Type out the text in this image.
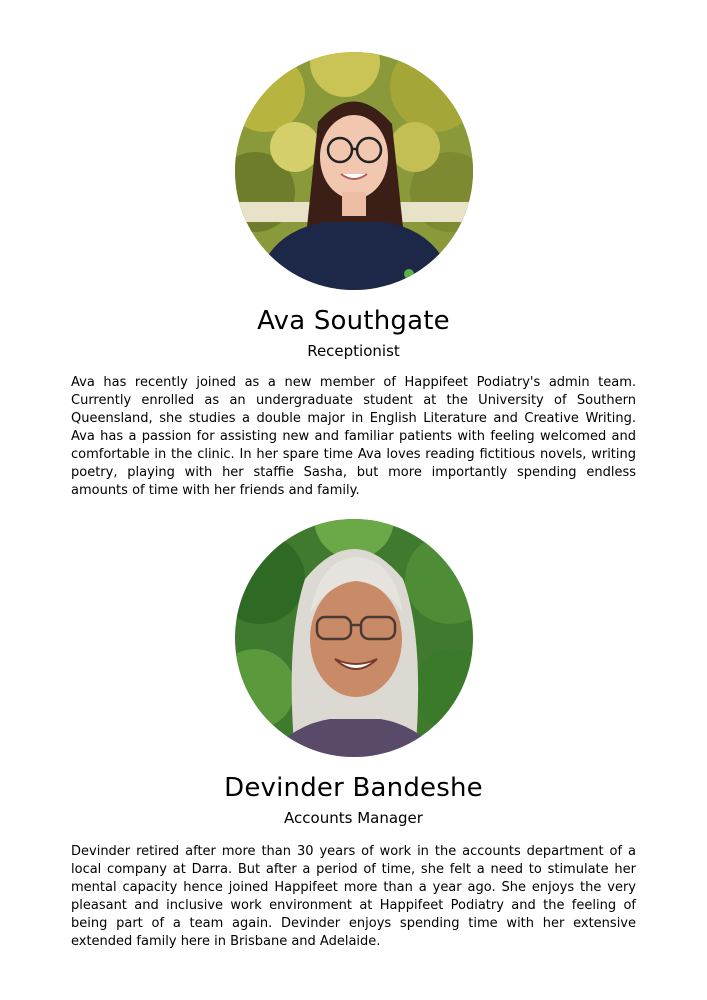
Ava Southgate

Receptionist

Ava has recently joined as a new member of Happifeet Podiatry's admin team. Currently enrolled as an undergraduate student at the University of Southern Queensland, she studies a double major in English Literature and Creative Writing. Ava has a passion for assisting new and familiar patients with feeling welcomed and comfortable in the clinic. In her spare time Ava loves reading fictitious novels, writing poetry, playing with her staffie Sasha, but more importantly spending endless amounts of time with her friends and family.

Devinder Bandeshe

Accounts Manager

Devinder retired after more than 30 years of work in the accounts department of a local company at Darra. But after a period of time, she felt a need to stimulate her mental capacity hence joined Happifeet more than a year ago. She enjoys the very pleasant and inclusive work environment at Happifeet Podiatry and the feeling of being part of a team again. Devinder enjoys spending time with her extensive extended family here in Brisbane and Adelaide.
